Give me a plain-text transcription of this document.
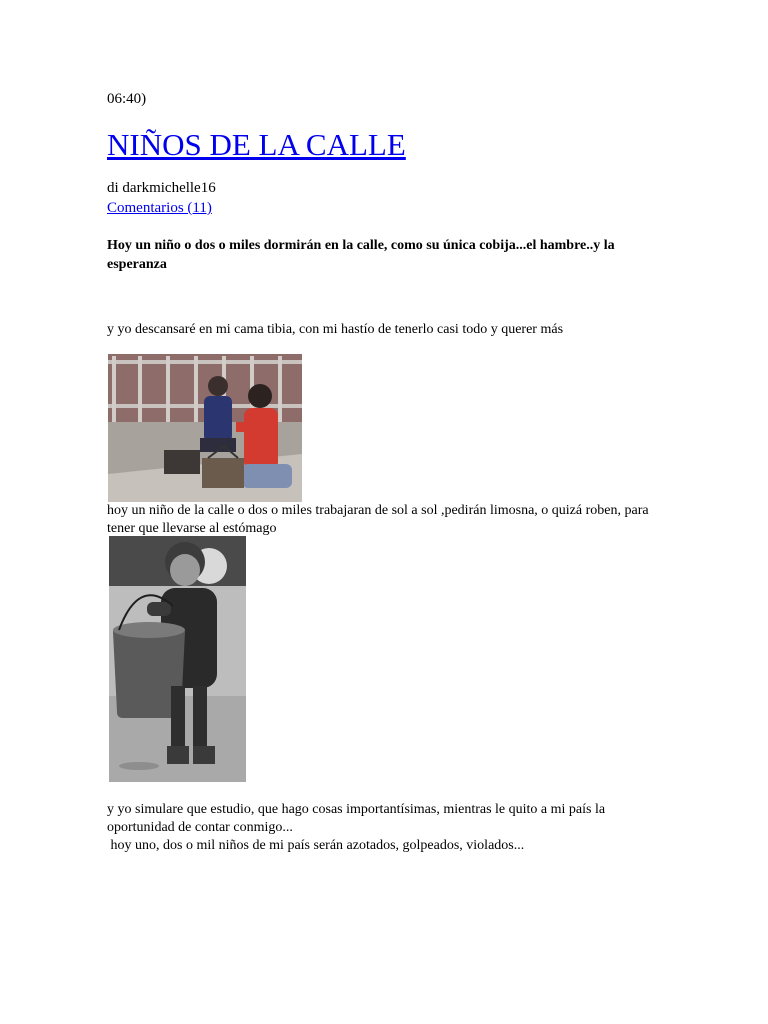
06:40)
NIÑOS DE LA CALLE
di darkmichelle16
Comentarios (11)

Hoy un niño o dos o miles dormirán en la calle, como su única cobija...el hambre..y la esperanza

y yo descansaré en mi cama tibia, con mi hastío de tenerlo casi todo y querer más

hoy un niño de la calle o dos o miles trabajaran de sol a sol ,pedirán limosna, o quizá roben, para tener que llevarse al estómago

y yo simulare que estudio, que hago cosas importantísimas, mientras le quito a mi país la oportunidad de contar conmigo...
hoy uno, dos o mil niños de mi país serán azotados, golpeados, violados...
